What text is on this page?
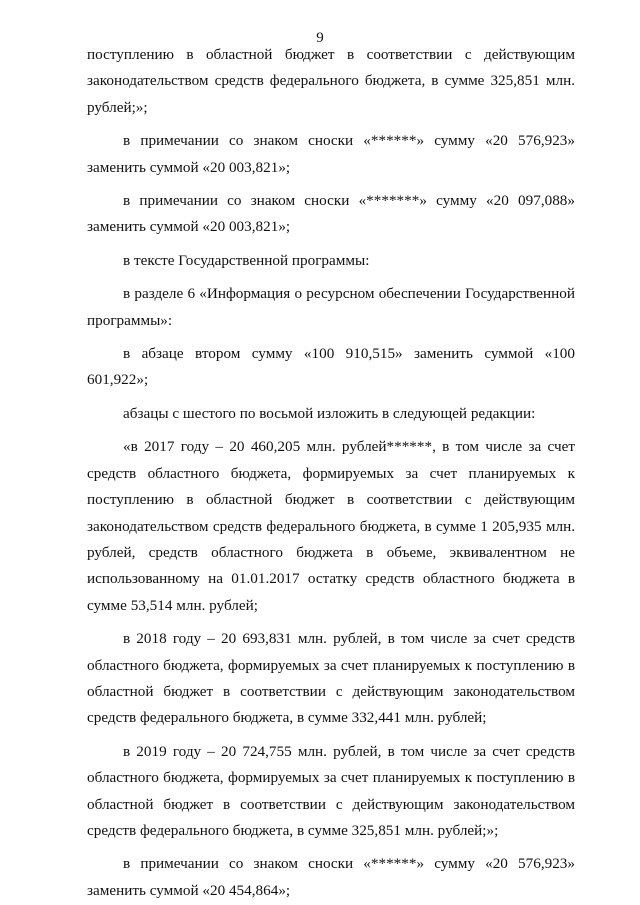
9

поступлению в областной бюджет в соответствии с действующим законодательством средств федерального бюджета, в сумме 325,851 млн. рублей;»;

в примечании со знаком сноски «******» сумму «20 576,923» заменить суммой «20 003,821»;

в примечании со знаком сноски «*******» сумму «20 097,088» заменить суммой «20 003,821»;

в тексте Государственной программы:

в разделе 6 «Информация о ресурсном обеспечении Государственной программы»:

в абзаце втором сумму «100 910,515» заменить суммой «100 601,922»;

абзацы с шестого по восьмой изложить в следующей редакции:

«в 2017 году – 20 460,205 млн. рублей******, в том числе за счет средств областного бюджета, формируемых за счет планируемых к поступлению в областной бюджет в соответствии с действующим законодательством средств федерального бюджета, в сумме 1 205,935 млн. рублей, средств областного бюджета в объеме, эквивалентном не использованному на 01.01.2017 остатку средств областного бюджета в сумме 53,514 млн. рублей;

в 2018 году – 20 693,831 млн. рублей, в том числе за счет средств областного бюджета, формируемых за счет планируемых к поступлению в областной бюджет в соответствии с действующим законодательством средств федерального бюджета, в сумме 332,441 млн. рублей;

в 2019 году – 20 724,755 млн. рублей, в том числе за счет средств областного бюджета, формируемых за счет планируемых к поступлению в областной бюджет в соответствии с действующим законодательством средств федерального бюджета, в сумме 325,851 млн. рублей;»;

в примечании со знаком сноски «******» сумму «20 576,923» заменить суммой «20 454,864»;
